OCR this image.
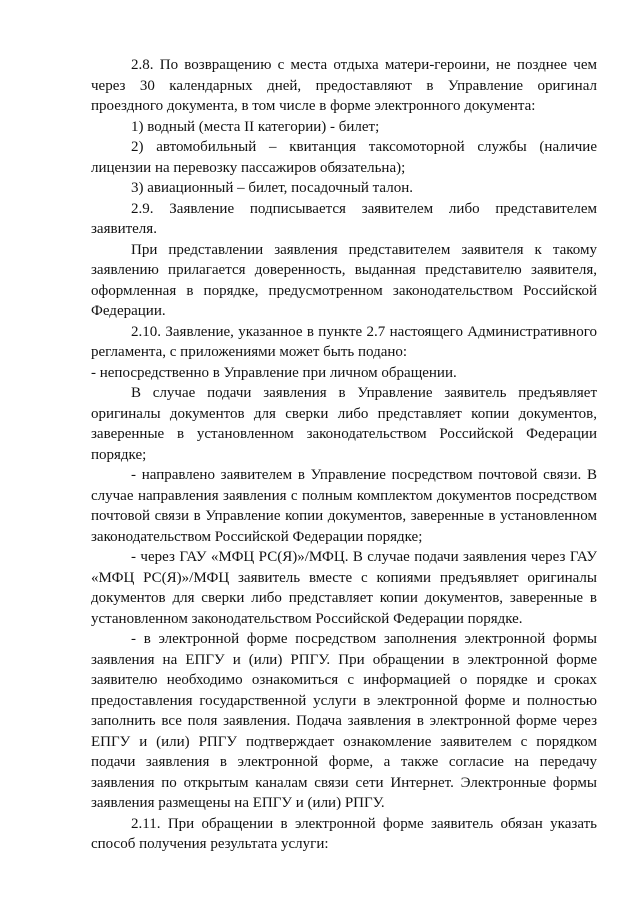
2.8. По возвращению с места отдыха матери-героини, не позднее чем через 30 календарных дней, предоставляют в Управление оригинал проездного документа, в том числе в форме электронного документа:

1) водный (места II категории) - билет;

2) автомобильный – квитанция таксомоторной службы (наличие лицензии на перевозку пассажиров обязательна);

3) авиационный – билет, посадочный талон.

2.9. Заявление подписывается заявителем либо представителем заявителя.

При представлении заявления представителем заявителя к такому заявлению прилагается доверенность, выданная представителю заявителя, оформленная в порядке, предусмотренном законодательством Российской Федерации.

2.10. Заявление, указанное в пункте 2.7 настоящего Административного регламента, с приложениями может быть подано:

- непосредственно в Управление при личном обращении.

В случае подачи заявления в Управление заявитель предъявляет оригиналы документов для сверки либо представляет копии документов, заверенные в установленном законодательством Российской Федерации порядке;

- направлено заявителем в Управление посредством почтовой связи. В случае направления заявления с полным комплектом документов посредством почтовой связи в Управление копии документов, заверенные в установленном законодательством Российской Федерации порядке;

- через ГАУ «МФЦ РС(Я)»/МФЦ. В случае подачи заявления через ГАУ «МФЦ РС(Я)»/МФЦ заявитель вместе с копиями предъявляет оригиналы документов для сверки либо представляет копии документов, заверенные в установленном законодательством Российской Федерации порядке.

- в электронной форме посредством заполнения электронной формы заявления на ЕПГУ и (или) РПГУ. При обращении в электронной форме заявителю необходимо ознакомиться с информацией о порядке и сроках предоставления государственной услуги в электронной форме и полностью заполнить все поля заявления. Подача заявления в электронной форме через ЕПГУ и (или) РПГУ подтверждает ознакомление заявителем с порядком подачи заявления в электронной форме, а также согласие на передачу заявления по открытым каналам связи сети Интернет. Электронные формы заявления размещены на ЕПГУ и (или) РПГУ.

2.11. При обращении в электронной форме заявитель обязан указать способ получения результата услуги:
